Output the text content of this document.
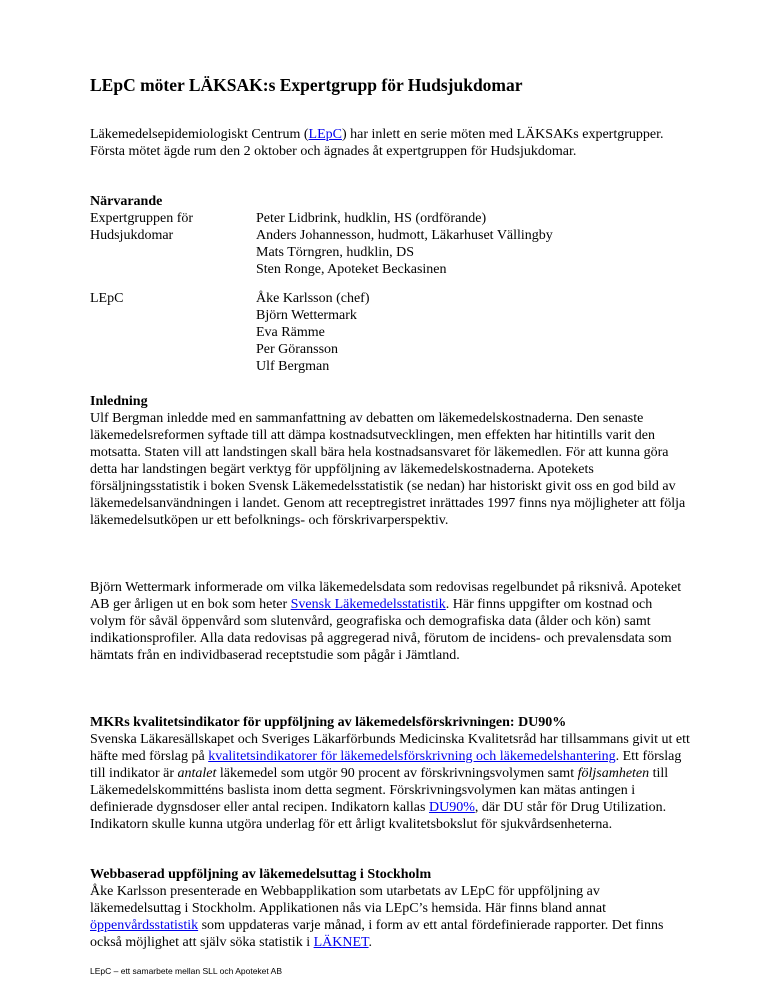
LEpC möter LÄKSAK:s Expertgrupp för Hudsjukdomar

Läkemedelsepidemiologiskt Centrum (LEpC) har inlett en serie möten med LÄKSAKs expertgrupper. Första mötet ägde rum den 2 oktober och ägnades åt expertgruppen för Hudsjukdomar.

Närvarande

Expertgruppen för Hudsjukdomar
Peter Lidbrink, hudklin, HS (ordförande)
Anders Johannesson, hudmott, Läkarhuset Vällingby
Mats Törngren, hudklin, DS
Sten Ronge, Apoteket Beckasinen
LEpC	Åke Karlsson (chef)
Björn Wettermark
Eva Rämme
Per Göransson
Ulf Bergman

Inledning

Ulf Bergman inledde med en sammanfattning av debatten om läkemedelskostnaderna. Den senaste läkemedelsreformen syftade till att dämpa kostnadsutvecklingen, men effekten har hitintills varit den motsatta. Staten vill att landstingen skall bära hela kostnadsansvaret för läkemedlen. För att kunna göra detta har landstingen begärt verktyg för uppföljning av läkemedelskostnaderna. Apotekets försäljningsstatistik i boken Svensk Läkemedelsstatistik (se nedan) har historiskt givit oss en god bild av läkemedelsanvändningen i landet. Genom att receptregistret inrättades 1997 finns nya möjligheter att följa läkemedelsutköpen ur ett befolknings- och förskrivarperspektiv.

Björn Wettermark informerade om vilka läkemedelsdata som redovisas regelbundet på riksnivå. Apoteket AB ger årligen ut en bok som heter Svensk Läkemedelsstatistik. Här finns uppgifter om kostnad och volym för såväl öppenvård som slutenvård, geografiska och demografiska data (ålder och kön) samt indikationsprofiler. Alla data redovisas på aggregerad nivå, förutom de incidens- och prevalensdata som hämtats från en individbaserad receptstudie som pågår i Jämtland.

MKRs kvalitetsindikator för uppföljning av läkemedelsförskrivningen: DU90%

Svenska Läkaresällskapet och Sveriges Läkarförbunds Medicinska Kvalitetsråd har tillsammans givit ut ett häfte med förslag på kvalitetsindikatorer för läkemedelsförskrivning och läkemedelshantering. Ett förslag till indikator är antalet läkemedel som utgör 90 procent av förskrivningsvolymen samt följsamheten till Läkemedelskommitténs baslista inom detta segment. Förskrivningsvolymen kan mätas antingen i definierade dygnsdoser eller antal recipen. Indikatorn kallas DU90%, där DU står för Drug Utilization. Indikatorn skulle kunna utgöra underlag för ett årligt kvalitetsbokslut för sjukvårdsenheterna.

Webbaserad uppföljning av läkemedelsuttag i Stockholm

Åke Karlsson presenterade en Webbapplikation som utarbetats av LEpC för uppföljning av läkemedelsuttag i Stockholm. Applikationen nås via LEpC’s hemsida. Här finns bland annat öppenvårdsstatistik som uppdateras varje månad, i form av ett antal fördefinierade rapporter. Det finns också möjlighet att själv söka statistik i LÄKNET.

LEpC – ett samarbete mellan SLL och Apoteket AB
